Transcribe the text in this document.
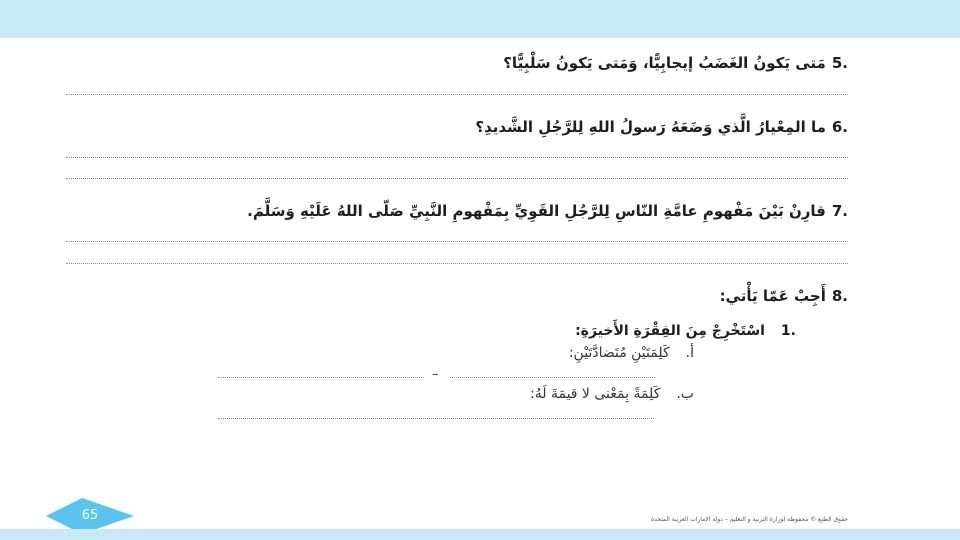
.5مَتى يَكونُ الغَضَبُ إيجابِيًّا، وَمَتى يَكونُ سَلْبِيًّا؟
.6ما المِعْيارُ الَّذي وَضَعَهُ رَسولُ اللهِ لِلرَّجُلِ الشَّديدِ؟
.7قارِنْ بَيْنَ مَفْهومِ عامَّةِ النّاسِ لِلرَّجُلِ القَوِيِّ بِمَفْهومِ النَّبِيِّ صَلّى اللهُ عَلَيْهِ وَسَلَّمَ.
.8أَجِبْ عَمّا يَأْتي:
.1اسْتَخْرِجْ مِنَ الفِقْرَةِ الأَخيرَةِ:
أ.كَلِمَتَيْنِ مُتَضادَّتَيْنِ:
–
ب.كَلِمَةً بِمَعْنى لا قيمَةَ لَهُ:
65	حقوق الطبع © محفوظة لوزارة التربية و التعليم – دولة الإمارات العربية المتحدة
